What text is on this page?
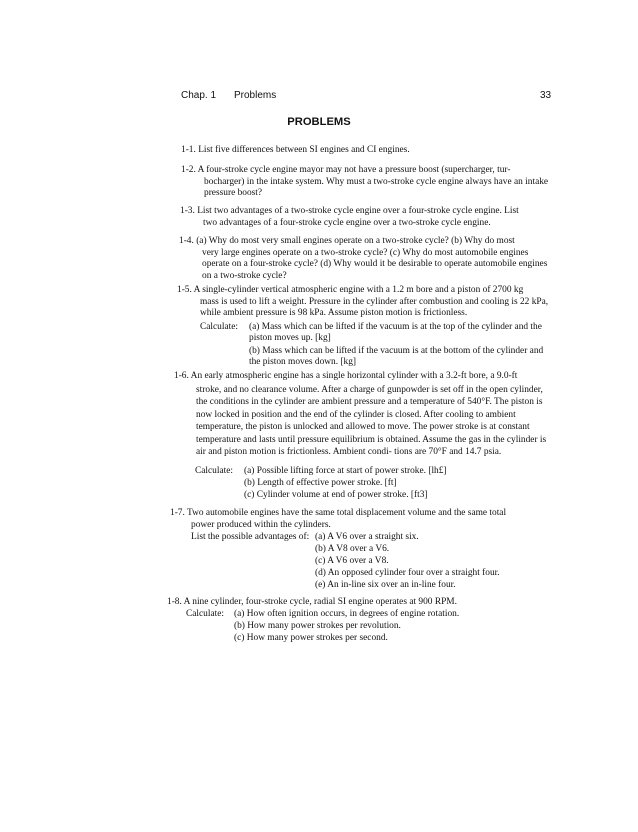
Chap. 1 Problems	33
PROBLEMS
1-1. List five differences between SI engines and CI engines.
1-2. A four-stroke cycle engine mayor may not have a pressure boost (supercharger, tur-
bocharger) in the intake system. Why must a two-stroke cycle engine always have an intake pressure boost?
1-3. List two advantages of a two-stroke cycle engine over a four-stroke cycle engine. List
two advantages of a four-stroke cycle engine over a two-stroke cycle engine.
1-4. (a) Why do most very small engines operate on a two-stroke cycle? (b) Why do most
very large engines operate on a two-stroke cycle? (c) Why do most automobile engines operate on a four-stroke cycle? (d) Why would it be desirable to operate automobile engines on a two-stroke cycle?
1-5. A single-cylinder vertical atmospheric engine with a 1.2 m bore and a piston of 2700 kg
mass is used to lift a weight. Pressure in the cylinder after combustion and cooling is 22 kPa, while ambient pressure is 98 kPa. Assume piston motion is frictionless.
Calculate: (a) Mass which can be lifted if the vacuum is at the top of the cylinder and the piston moves up. [kg]
(b) Mass which can be lifted if the vacuum is at the bottom of the cylinder and the piston moves down. [kg]
1-6. An early atmospheric engine has a single horizontal cylinder with a 3.2-ft bore, a 9.0-ft
stroke, and no clearance volume. After a charge of gunpowder is set off in the open cylinder, the conditions in the cylinder are ambient pressure and a temperature of 540°F. The piston is now locked in position and the end of the cylinder is closed. After cooling to ambient temperature, the piston is unlocked and allowed to move. The power stroke is at constant temperature and lasts until pressure equilibrium is obtained. Assume the gas in the cylinder is air and piston motion is frictionless. Ambient condi- tions are 70°F and 14.7 psia.
Calculate: (a) Possible lifting force at start of power stroke. [lh£]
(b) Length of effective power stroke. [ft]
(c) Cylinder volume at end of power stroke. [ft3]
1-7. Two automobile engines have the same total displacement volume and the same total
power produced within the cylinders.
List the possible advantages of: (a) A V6 over a straight six.
(b) A V8 over a V6.
(c) A V6 over a V8.
(d) An opposed cylinder four over a straight four.
(e) An in-line six over an in-line four.
1-8. A nine cylinder, four-stroke cycle, radial SI engine operates at 900 RPM.
Calculate: (a) How often ignition occurs, in degrees of engine rotation.
(b) How many power strokes per revolution.
(c) How many power strokes per second.
